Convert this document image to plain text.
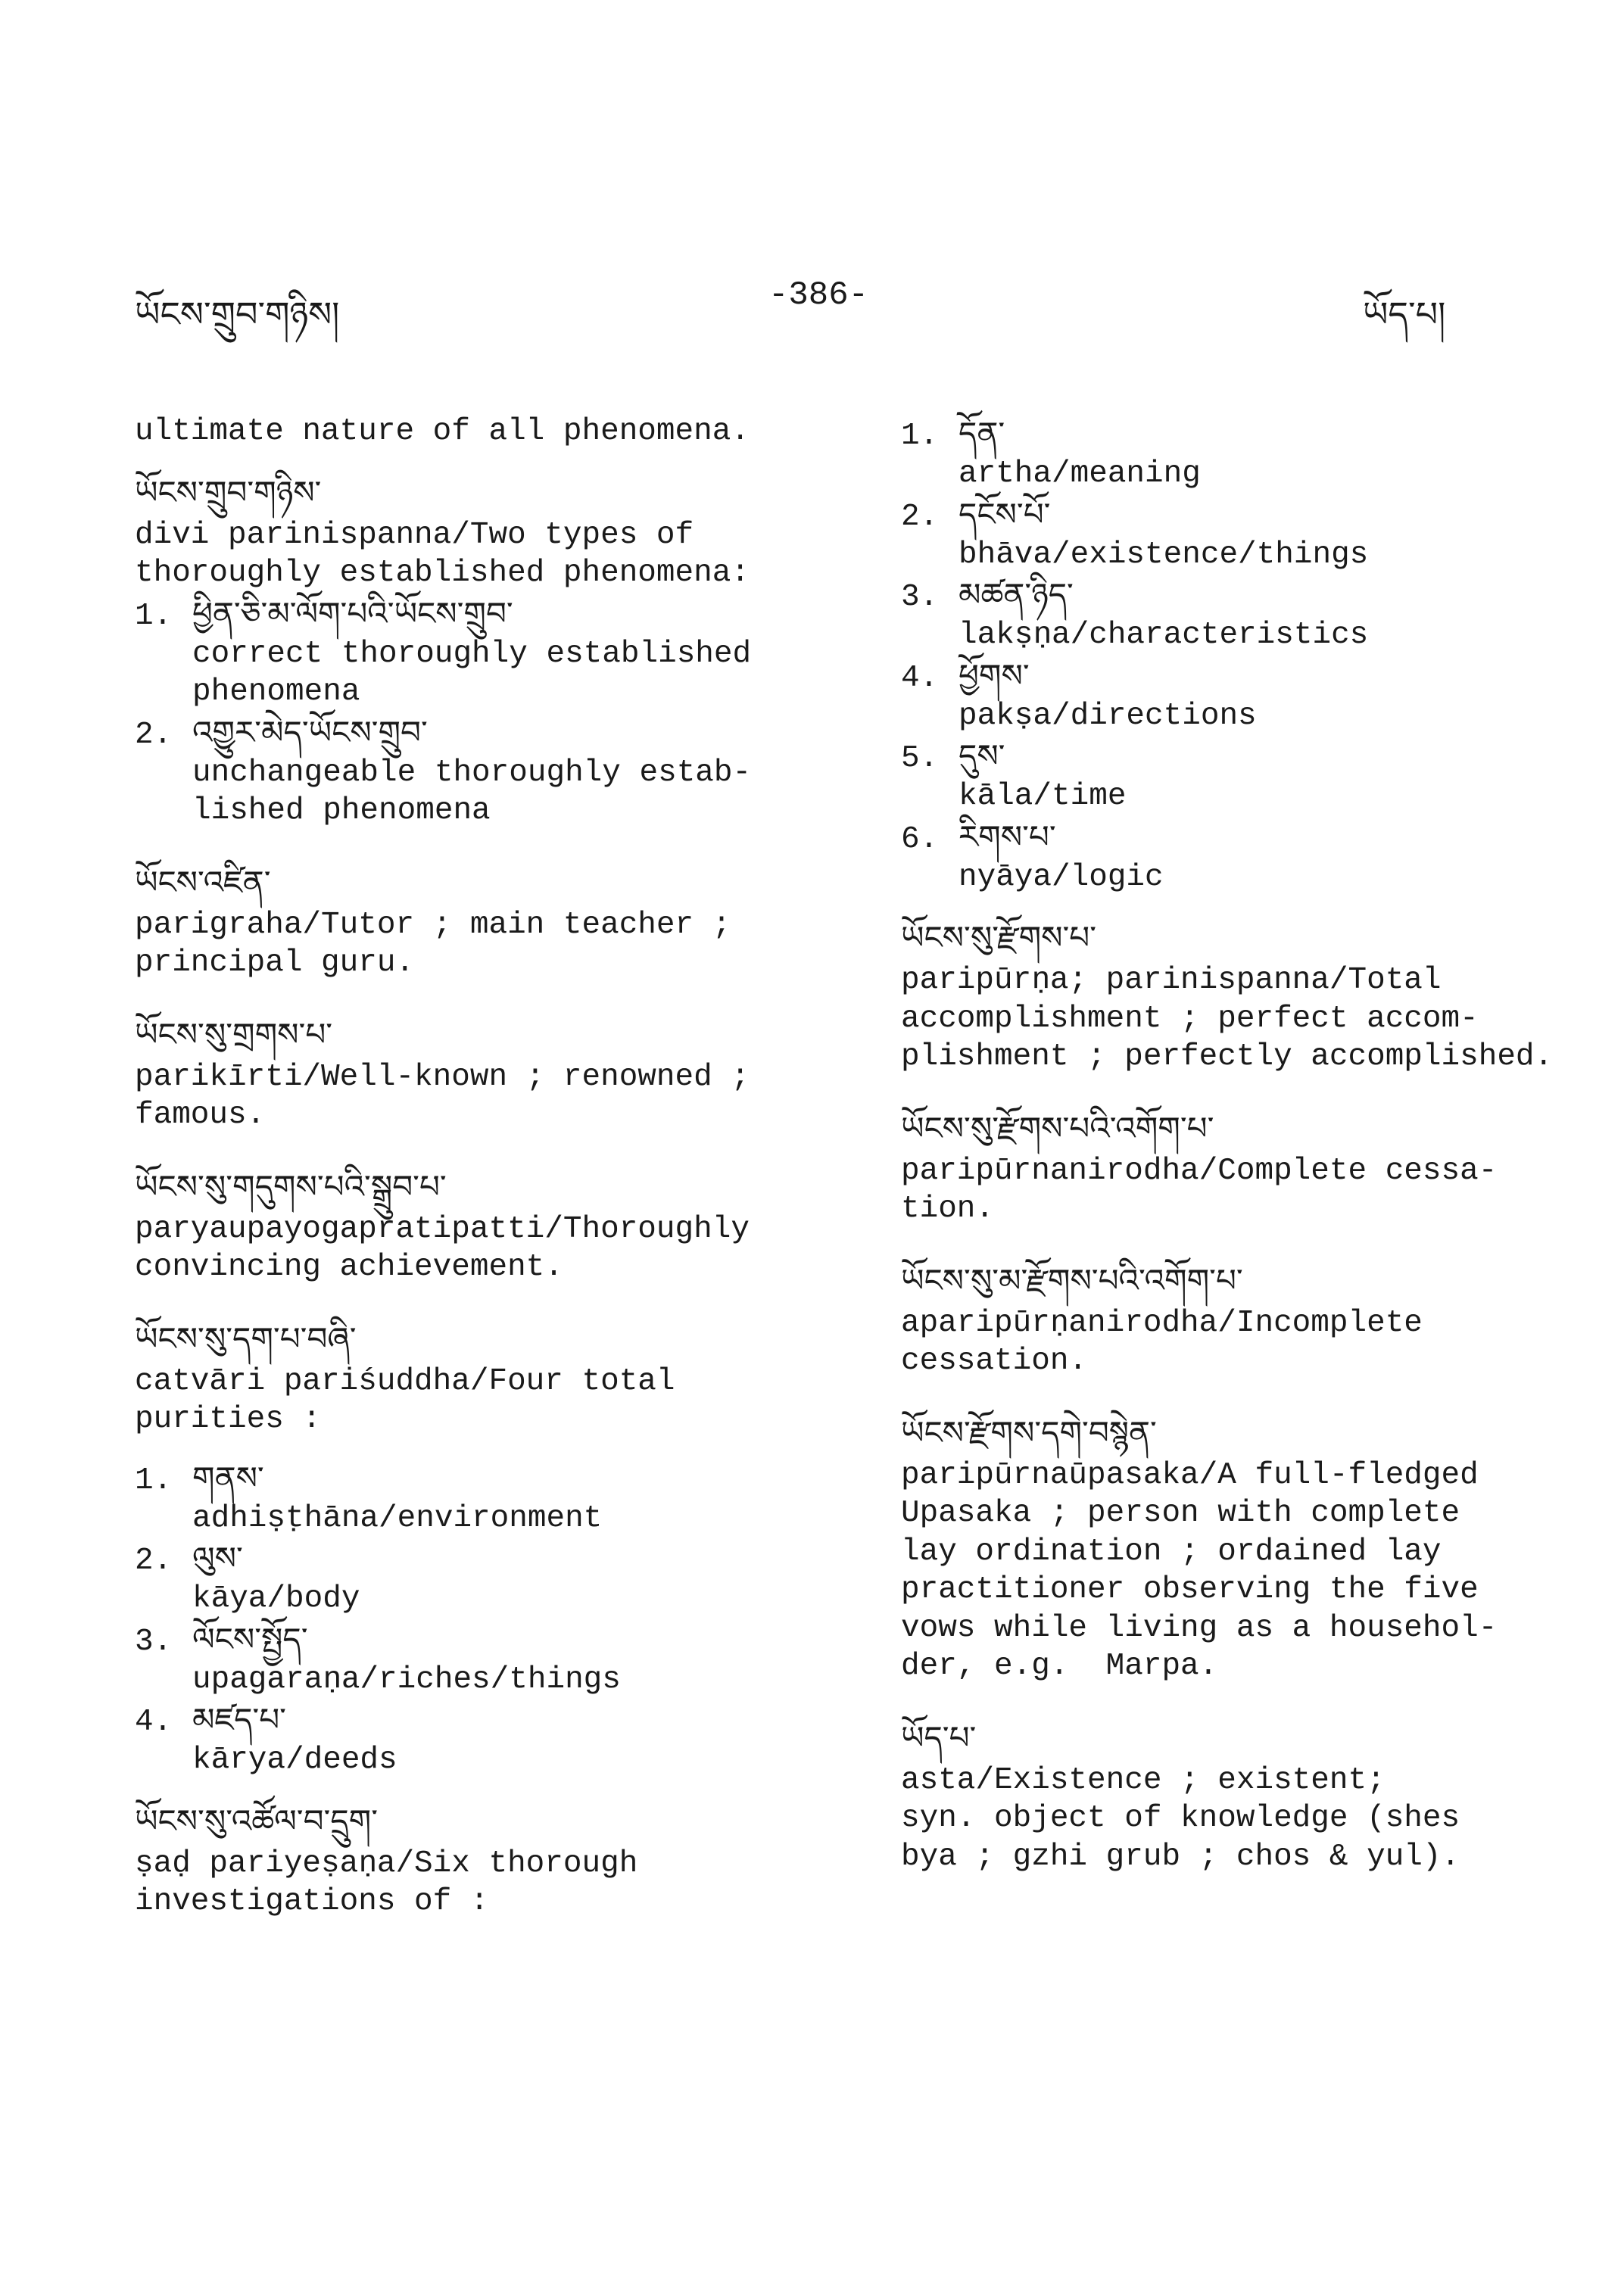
ཡོངས་གྲུབ་གཉིས།	-386-	ཡོད་པ།

ultimate nature of all phenomena.

ཡོངས་གྲུབ་གཉིས་

divi parinispanna/Two types of
thoroughly established phenomena:

1. ཕྱིན་ཅི་མ་ལོག་པའི་ཡོངས་གྲུབ་

correct thoroughly established
phenomena

2. འགྱུར་མེད་ཡོངས་གྲུབ་

unchangeable thoroughly estab-
lished phenomena

ཡོངས་འཛིན་

parigraha/Tutor ; main teacher ;
principal guru.

ཡོངས་སུ་གྲགས་པ་

parikīrti/Well-known ; renowned ;
famous.

ཡོངས་སུ་གདུགས་པའི་སྒྲུབ་པ་

paryaupayogapratipatti/Thoroughly
convincing achievement.

ཡོངས་སུ་དག་པ་བཞི་

catvāri pariśuddha/Four total
purities :

1. གནས་

adhiṣṭhāna/environment

2. ལུས་

kāya/body

3. ལོངས་སྤྱོད་

upagaraṇa/riches/things

4. མཛད་པ་

kārya/deeds

ཡོངས་སུ་འཚོལ་བ་དྲུག་

ṣaḍ pariyeṣaṇa/Six thorough
investigations of :

1. དོན་

artha/meaning

2. དངོས་པོ་

bhāva/existence/things

3. མཚན་ཉིད་

lakṣṇa/characteristics

4. ཕྱོགས་

pakṣa/directions

5. དུས་

kāla/time

6. རིགས་པ་

nyāya/logic

ཡོངས་སུ་རྫོགས་པ་

paripūrṇa; parinispanna/Total
accomplishment ; perfect accom-
plishment ; perfectly accomplished.

ཡོངས་སུ་རྫོགས་པའི་འགོག་པ་

paripūrnanirodha/Complete cessa-
tion.

ཡོངས་སུ་མ་རྫོགས་པའི་འགོག་པ་

aparipūrṇanirodha/Incomplete
cessation.

ཡོངས་རྫོགས་དགེ་བསྙེན་

paripūrnaūpasaka/A full-fledged
Upasaka ; person with complete
lay ordination ; ordained lay
practitioner observing the five
vows while living as a househol-
der, e.g.  Marpa.

ཡོད་པ་

asta/Existence ; existent;
syn. object of knowledge (shes
bya ; gzhi grub ; chos & yul).
